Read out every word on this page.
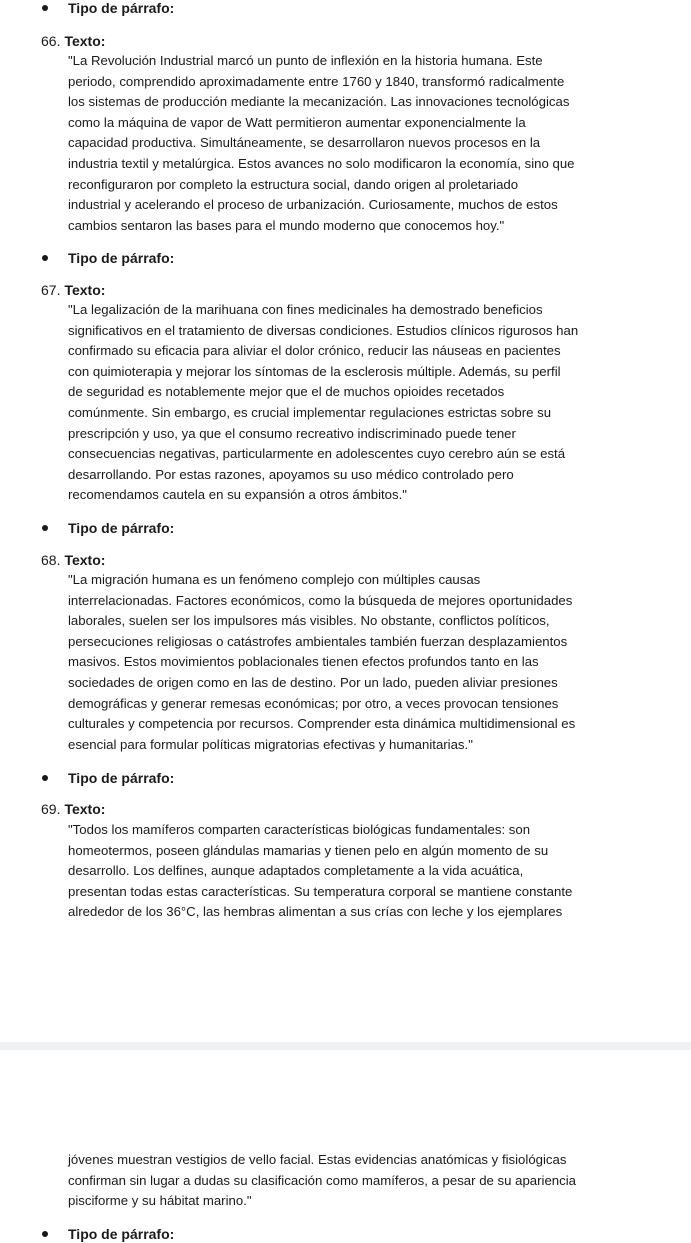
Tipo de párrafo:
66. Texto:
"La Revolución Industrial marcó un punto de inflexión en la historia humana. Este
periodo, comprendido aproximadamente entre 1760 y 1840, transformó radicalmente
los sistemas de producción mediante la mecanización. Las innovaciones tecnológicas
como la máquina de vapor de Watt permitieron aumentar exponencialmente la
capacidad productiva. Simultáneamente, se desarrollaron nuevos procesos en la
industria textil y metalúrgica. Estos avances no solo modificaron la economía, sino que
reconfiguraron por completo la estructura social, dando origen al proletariado
industrial y acelerando el proceso de urbanización. Curiosamente, muchos de estos
cambios sentaron las bases para el mundo moderno que conocemos hoy."
Tipo de párrafo:
67. Texto:
"La legalización de la marihuana con fines medicinales ha demostrado beneficios
significativos en el tratamiento de diversas condiciones. Estudios clínicos rigurosos han
confirmado su eficacia para aliviar el dolor crónico, reducir las náuseas en pacientes
con quimioterapia y mejorar los síntomas de la esclerosis múltiple. Además, su perfil
de seguridad es notablemente mejor que el de muchos opioides recetados
comúnmente. Sin embargo, es crucial implementar regulaciones estrictas sobre su
prescripción y uso, ya que el consumo recreativo indiscriminado puede tener
consecuencias negativas, particularmente en adolescentes cuyo cerebro aún se está
desarrollando. Por estas razones, apoyamos su uso médico controlado pero
recomendamos cautela en su expansión a otros ámbitos."
Tipo de párrafo:
68. Texto:
"La migración humana es un fenómeno complejo con múltiples causas
interrelacionadas. Factores económicos, como la búsqueda de mejores oportunidades
laborales, suelen ser los impulsores más visibles. No obstante, conflictos políticos,
persecuciones religiosas o catástrofes ambientales también fuerzan desplazamientos
masivos. Estos movimientos poblacionales tienen efectos profundos tanto en las
sociedades de origen como en las de destino. Por un lado, pueden aliviar presiones
demográficas y generar remesas económicas; por otro, a veces provocan tensiones
culturales y competencia por recursos. Comprender esta dinámica multidimensional es
esencial para formular políticas migratorias efectivas y humanitarias."
Tipo de párrafo:
69. Texto:
"Todos los mamíferos comparten características biológicas fundamentales: son
homeotermos, poseen glándulas mamarias y tienen pelo en algún momento de su
desarrollo. Los delfines, aunque adaptados completamente a la vida acuática,
presentan todas estas características. Su temperatura corporal se mantiene constante
alrededor de los 36°C, las hembras alimentan a sus crías con leche y los ejemplares
jóvenes muestran vestigios de vello facial. Estas evidencias anatómicas y fisiológicas
confirman sin lugar a dudas su clasificación como mamíferos, a pesar de su apariencia
pisciforme y su hábitat marino."
Tipo de párrafo:
